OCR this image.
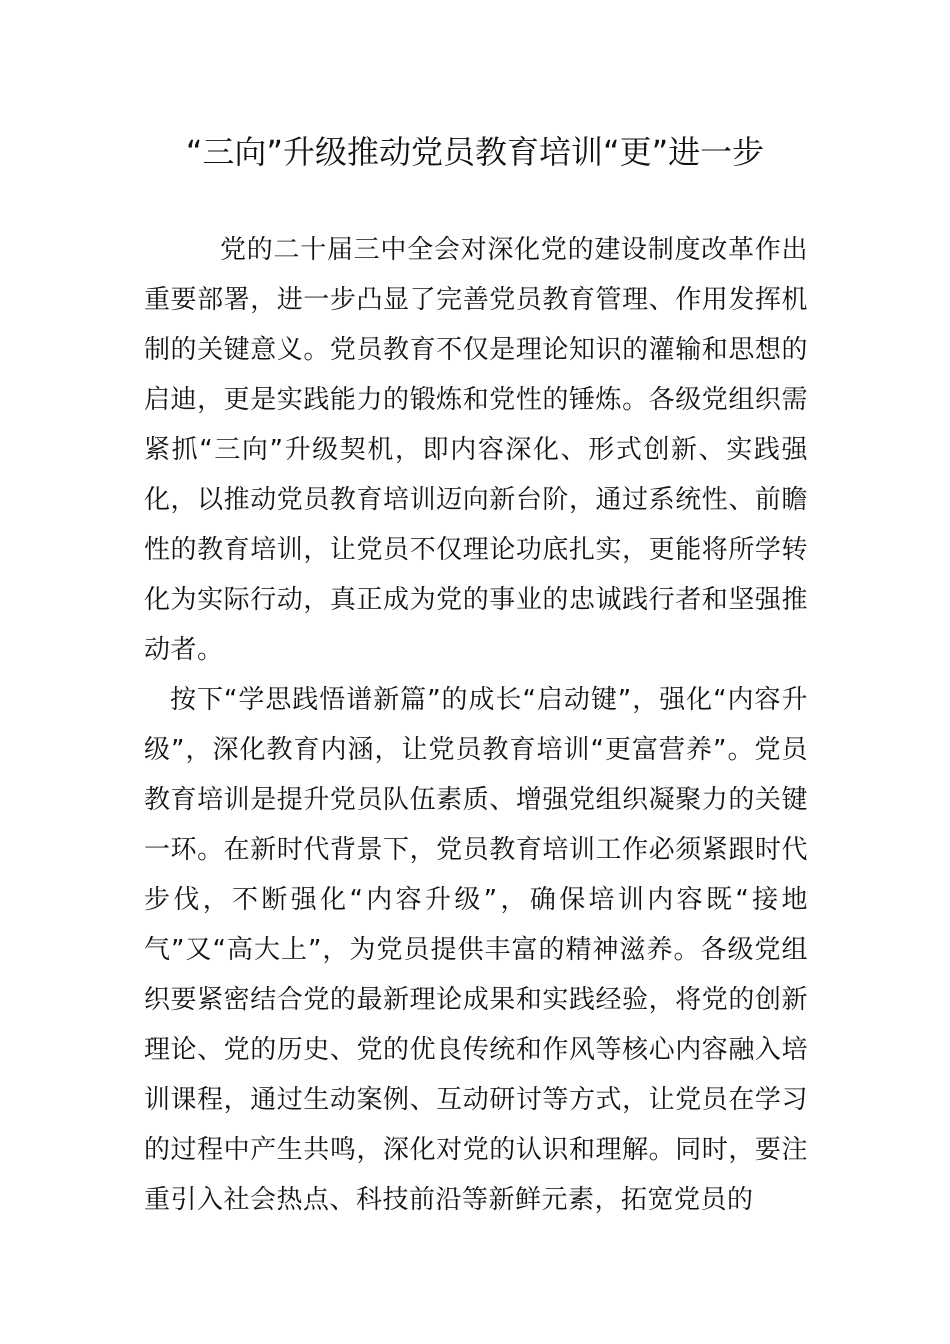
“三向”升级推动党员教育培训“更”进一步

党的二十届三中全会对深化党的建设制度改革作出重要部署，进一步凸显了完善党员教育管理、作用发挥机制的关键意义。党员教育不仅是理论知识的灌输和思想的启迪，更是实践能力的锻炼和党性的锤炼。各级党组织需紧抓“三向”升级契机，即内容深化、形式创新、实践强化，以推动党员教育培训迈向新台阶，通过系统性、前瞻性的教育培训，让党员不仅理论功底扎实，更能将所学转化为实际行动，真正成为党的事业的忠诚践行者和坚强推动者。

按下“学思践悟谱新篇”的成长“启动键”，强化“内容升级”，深化教育内涵，让党员教育培训“更富营养”。党员教育培训是提升党员队伍素质、增强党组织凝聚力的关键一环。在新时代背景下，党员教育培训工作必须紧跟时代步伐，不断强化“内容升级”，确保培训内容既“接地气”又“高大上”，为党员提供丰富的精神滋养。各级党组织要紧密结合党的最新理论成果和实践经验，将党的创新理论、党的历史、党的优良传统和作风等核心内容融入培训课程，通过生动案例、互动研讨等方式，让党员在学习的过程中产生共鸣，深化对党的认识和理解。同时，要注重引入社会热点、科技前沿等新鲜元素，拓宽党员的
